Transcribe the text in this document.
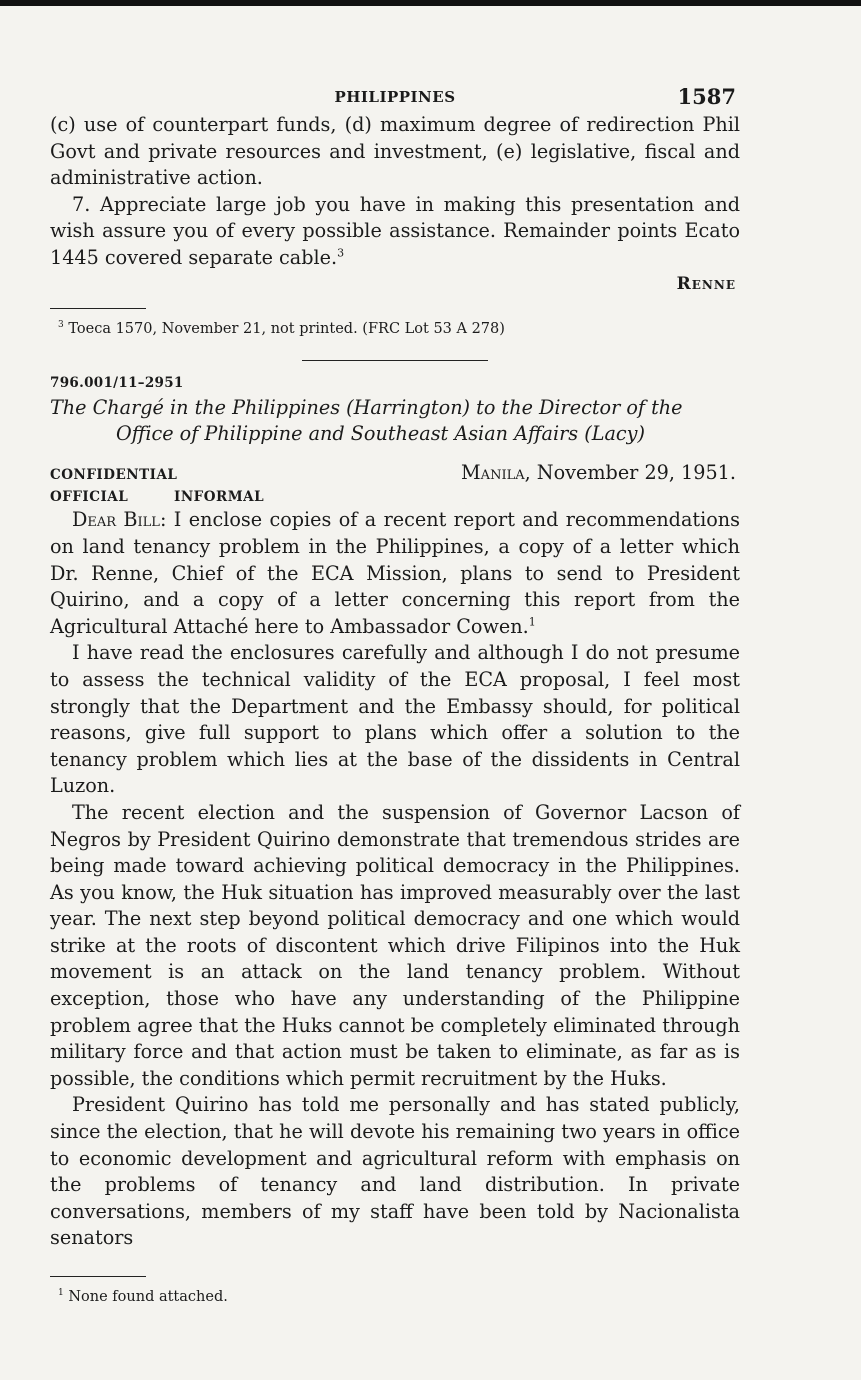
PHILIPPINES	1587

(c) use of counterpart funds, (d) maximum degree of redirection Phil Govt and private resources and investment, (e) legislative, fiscal and administrative action.

7. Appreciate large job you have in making this presentation and wish assure you of every possible assistance. Remainder points Ecato 1445 covered separate cable.$^3$

Renne
$^3$ Toeca 1570, November 21, not printed. (FRC Lot 53 A 278)
796.001/11–2951
The Chargé in the Philippines (Harrington) to the Director of the
Office of Philippine and Southeast Asian Affairs (Lacy)
CONFIDENTIAL	Manila, November 29, 1951.
OFFICIAL	INFORMAL

Dear Bill: I enclose copies of a recent report and recommendations on land tenancy problem in the Philippines, a copy of a letter which Dr. Renne, Chief of the ECA Mission, plans to send to President Quirino, and a copy of a letter concerning this report from the Agricultural Attaché here to Ambassador Cowen.$^1$

I have read the enclosures carefully and although I do not presume to assess the technical validity of the ECA proposal, I feel most strongly that the Department and the Embassy should, for political reasons, give full support to plans which offer a solution to the tenancy problem which lies at the base of the dissidents in Central Luzon.

The recent election and the suspension of Governor Lacson of Negros by President Quirino demonstrate that tremendous strides are being made toward achieving political democracy in the Philippines. As you know, the Huk situation has improved measurably over the last year. The next step beyond political democracy and one which would strike at the roots of discontent which drive Filipinos into the Huk movement is an attack on the land tenancy problem. Without exception, those who have any understanding of the Philippine problem agree that the Huks cannot be completely eliminated through military force and that action must be taken to eliminate, as far as is possible, the conditions which permit recruitment by the Huks.

President Quirino has told me personally and has stated publicly, since the election, that he will devote his remaining two years in office to economic development and agricultural reform with emphasis on the problems of tenancy and land distribution. In private conversations, members of my staff have been told by Nacionalista senators

$^1$ None found attached.
